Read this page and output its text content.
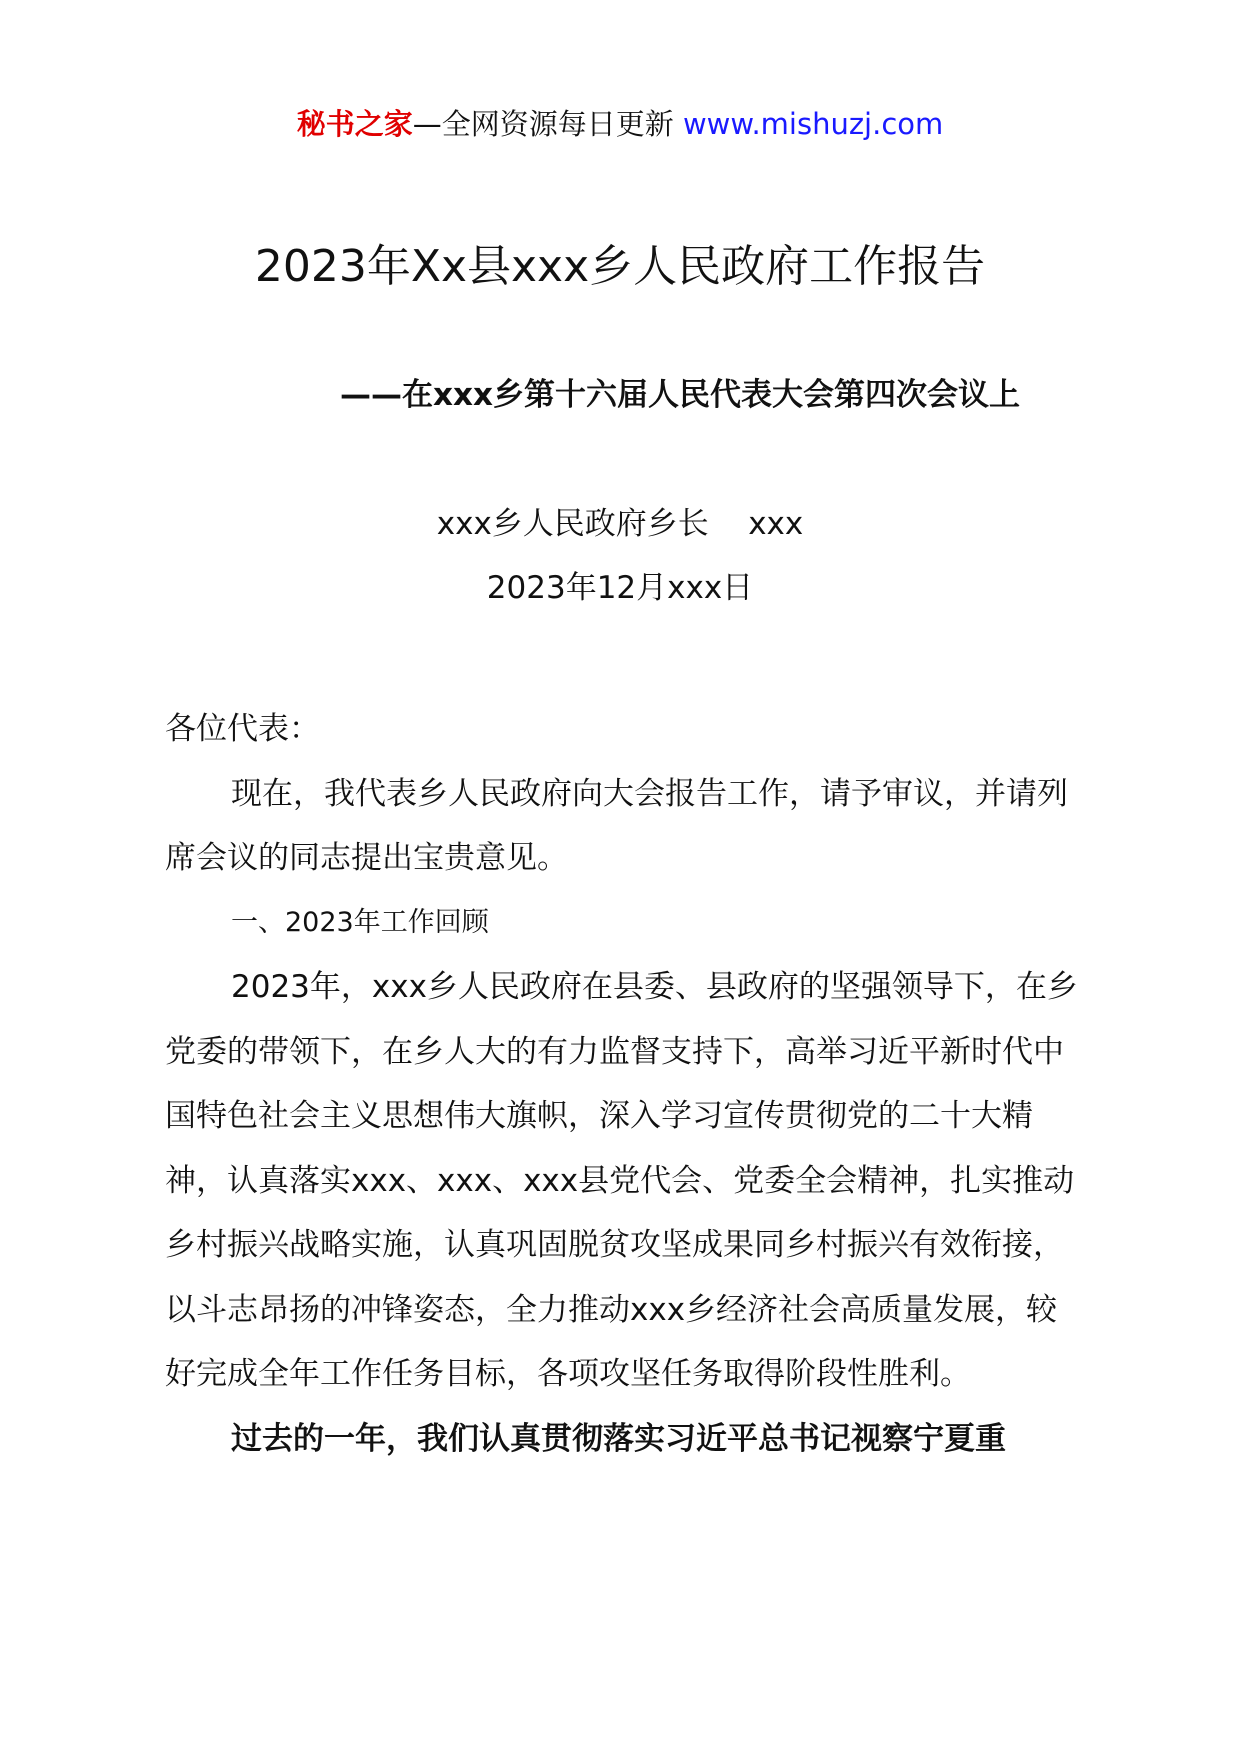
秘书之家—全网资源每日更新 www.mishuzj.com
2023年Xx县xxx乡人民政府工作报告

——在xxx乡第十六届人民代表大会第四次会议上

xxx乡人民政府乡长    xxx
2023年12月xxx日

各位代表：

现在，我代表乡人民政府向大会报告工作，请予审议，并请列席会议的同志提出宝贵意见。

一、2023年工作回顾

2023年，xxx乡人民政府在县委、县政府的坚强领导下，在乡党委的带领下，在乡人大的有力监督支持下，高举习近平新时代中国特色社会主义思想伟大旗帜，深入学习宣传贯彻党的二十大精神，认真落实xxx、xxx、xxx县党代会、党委全会精神，扎实推动乡村振兴战略实施，认真巩固脱贫攻坚成果同乡村振兴有效衔接，以斗志昂扬的冲锋姿态，全力推动xxx乡经济社会高质量发展，较好完成全年工作任务目标，各项攻坚任务取得阶段性胜利。

过去的一年，我们认真贯彻落实习近平总书记视察宁夏重
